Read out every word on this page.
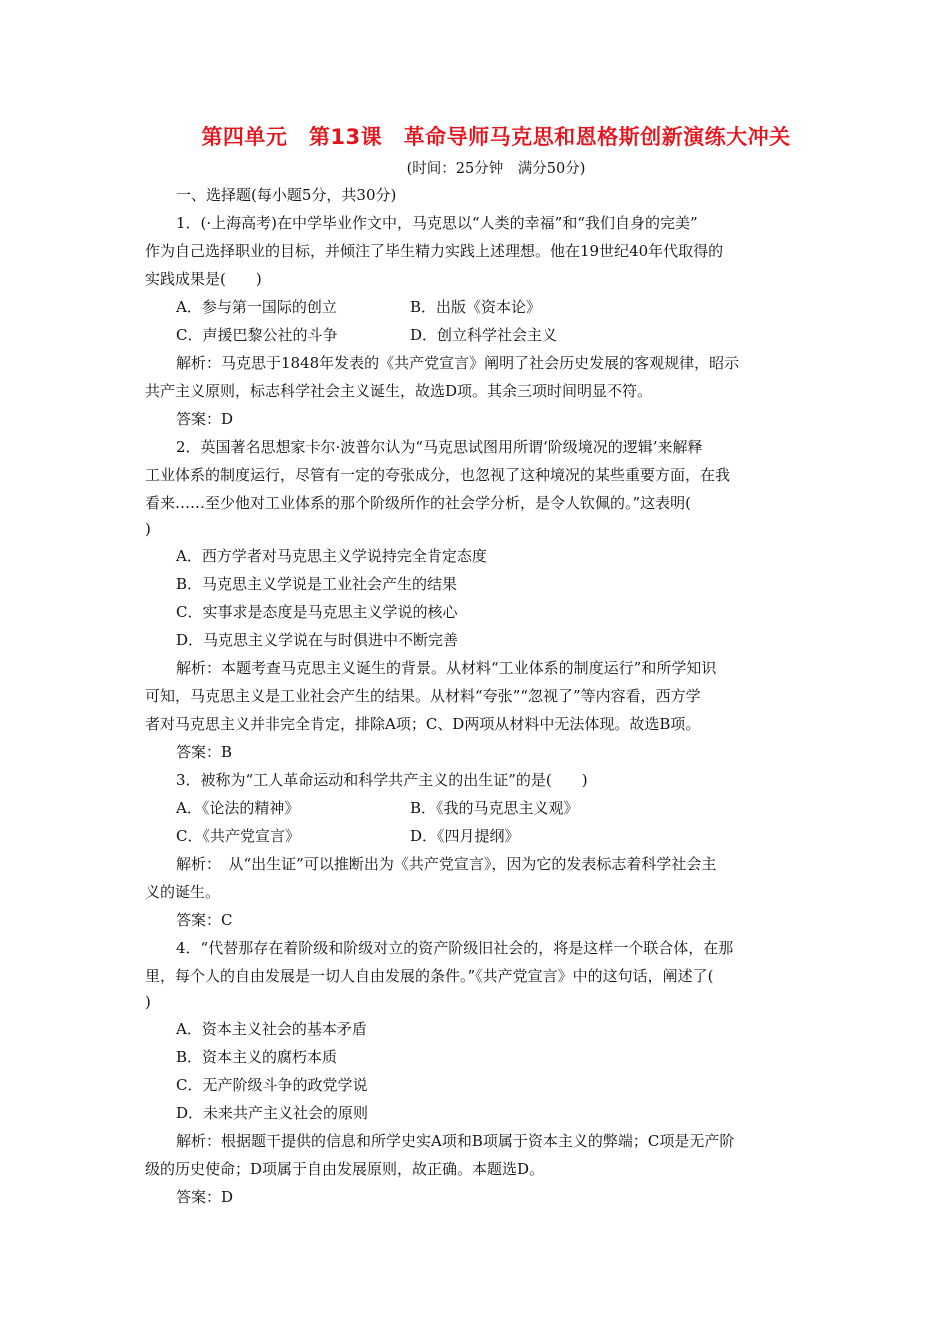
第四单元　第13课　革命导师马克思和恩格斯创新演练大冲关
(时间：25分钟　满分50分)
一、选择题(每小题5分，共30分)
1．(·上海高考)在中学毕业作文中，马克思以“人类的幸福”和“我们自身的完美”
作为自己选择职业的目标，并倾注了毕生精力实践上述理想。他在19世纪40年代取得的
实践成果是(　　)
A．参与第一国际的创立	B．出版《资本论》
C．声援巴黎公社的斗争	D．创立科学社会主义
解析：马克思于1848年发表的《共产党宣言》阐明了社会历史发展的客观规律，昭示
共产主义原则，标志科学社会主义诞生，故选D项。其余三项时间明显不符。
答案：D
2．英国著名思想家卡尔·波普尔认为“马克思试图用所谓‘阶级境况的逻辑’来解释
工业体系的制度运行，尽管有一定的夸张成分，也忽视了这种境况的某些重要方面，在我
看来……至少他对工业体系的那个阶级所作的社会学分析，是令人钦佩的。”这表明(
)
A．西方学者对马克思主义学说持完全肯定态度
B．马克思主义学说是工业社会产生的结果
C．实事求是态度是马克思主义学说的核心
D．马克思主义学说在与时俱进中不断完善
解析：本题考查马克思主义诞生的背景。从材料“工业体系的制度运行”和所学知识
可知，马克思主义是工业社会产生的结果。从材料“夸张”“忽视了”等内容看，西方学
者对马克思主义并非完全肯定，排除A项；C、D两项从材料中无法体现。故选B项。
答案：B
3．被称为“工人革命运动和科学共产主义的出生证”的是(　　)
A．《论法的精神》	B．《我的马克思主义观》
C．《共产党宣言》	D．《四月提纲》
解析：　从“出生证”可以推断出为《共产党宣言》，因为它的发表标志着科学社会主
义的诞生。
答案：C
4．“代替那存在着阶级和阶级对立的资产阶级旧社会的，将是这样一个联合体，在那
里，每个人的自由发展是一切人自由发展的条件。”《共产党宣言》中的这句话，阐述了(
)
A．资本主义社会的基本矛盾
B．资本主义的腐朽本质
C．无产阶级斗争的政党学说
D．未来共产主义社会的原则
解析：根据题干提供的信息和所学史实A项和B项属于资本主义的弊端；C项是无产阶
级的历史使命；D项属于自由发展原则，故正确。本题选D。
答案：D
